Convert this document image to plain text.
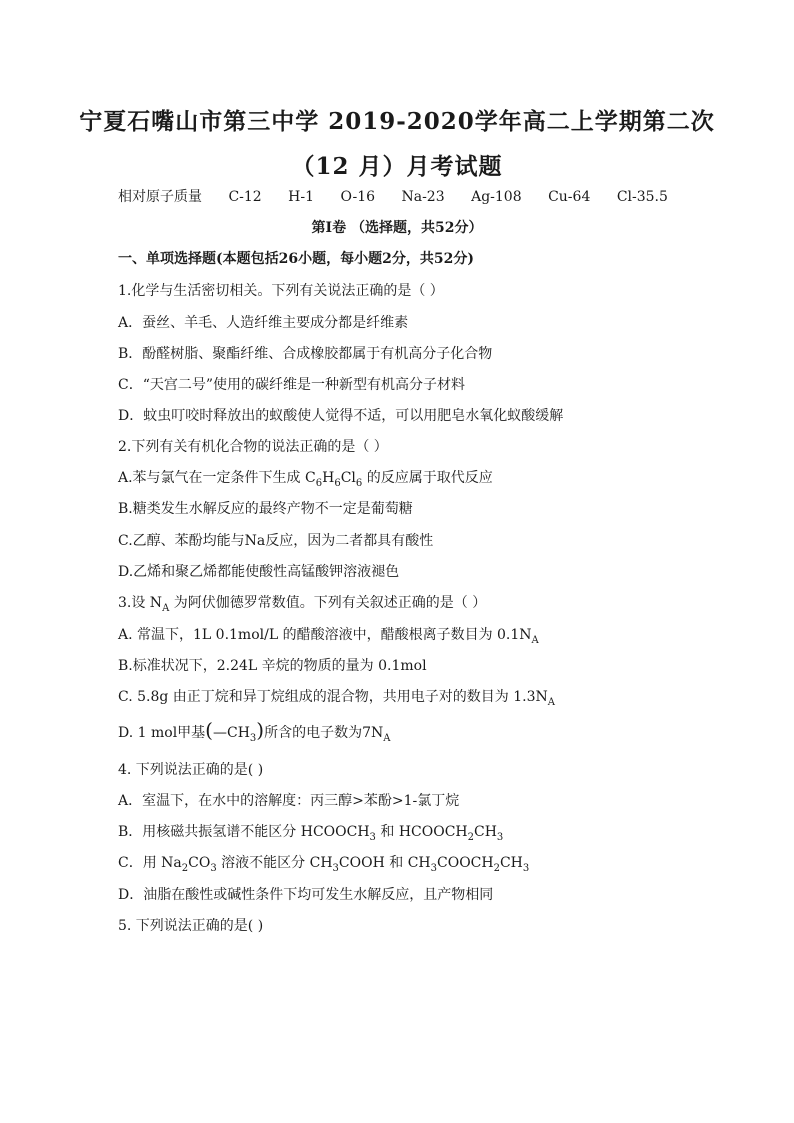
宁夏石嘴山市第三中学 2019-2020学年高二上学期第二次
（12 月）月考试题
相对原子质量 C-12 H-1 O-16 Na-23 Ag-108 Cu-64 Cl-35.5
第Ⅰ卷 （选择题，共52分）
一、单项选择题(本题包括26小题，每小题2分，共52分)
1.化学与生活密切相关。下列有关说法正确的是（ ）
A．蚕丝、羊毛、人造纤维主要成分都是纤维素
B．酚醛树脂、聚酯纤维、合成橡胶都属于有机高分子化合物
C．“天宫二号”使用的碳纤维是一种新型有机高分子材料
D．蚊虫叮咬时释放出的蚁酸使人觉得不适，可以用肥皂水氧化蚁酸缓解
2.下列有关有机化合物的说法正确的是（ ）
A.苯与氯气在一定条件下生成 $C_6H_6Cl_6$ 的反应属于取代反应
B.糖类发生水解反应的最终产物不一定是葡萄糖
C.乙醇、苯酚均能与Na反应，因为二者都具有酸性
D.乙烯和聚乙烯都能使酸性高锰酸钾溶液褪色
3.设 $N_A$ 为阿伏伽德罗常数值。下列有关叙述正确的是（ ）
A. 常温下，1L 0.1mol/L 的醋酸溶液中，醋酸根离子数目为 $0.1N_A$
B.标准状况下，2.24L 辛烷的物质的量为 0.1mol
C. 5.8g 由正丁烷和异丁烷组成的混合物，共用电子对的数目为 $1.3N_A$
D. 1 mol甲基$(—CH_3)$所含的电子数为$7N_A$
4. 下列说法正确的是( )
A．室温下，在水中的溶解度：丙三醇>苯酚>1-氯丁烷
B．用核磁共振氢谱不能区分 $HCOOCH_3$ 和 $HCOOCH_2CH_3$
C．用 $Na_2CO_3$ 溶液不能区分 $CH_3COOH$ 和 $CH_3COOCH_2CH_3$
D．油脂在酸性或碱性条件下均可发生水解反应，且产物相同
5. 下列说法正确的是( )
